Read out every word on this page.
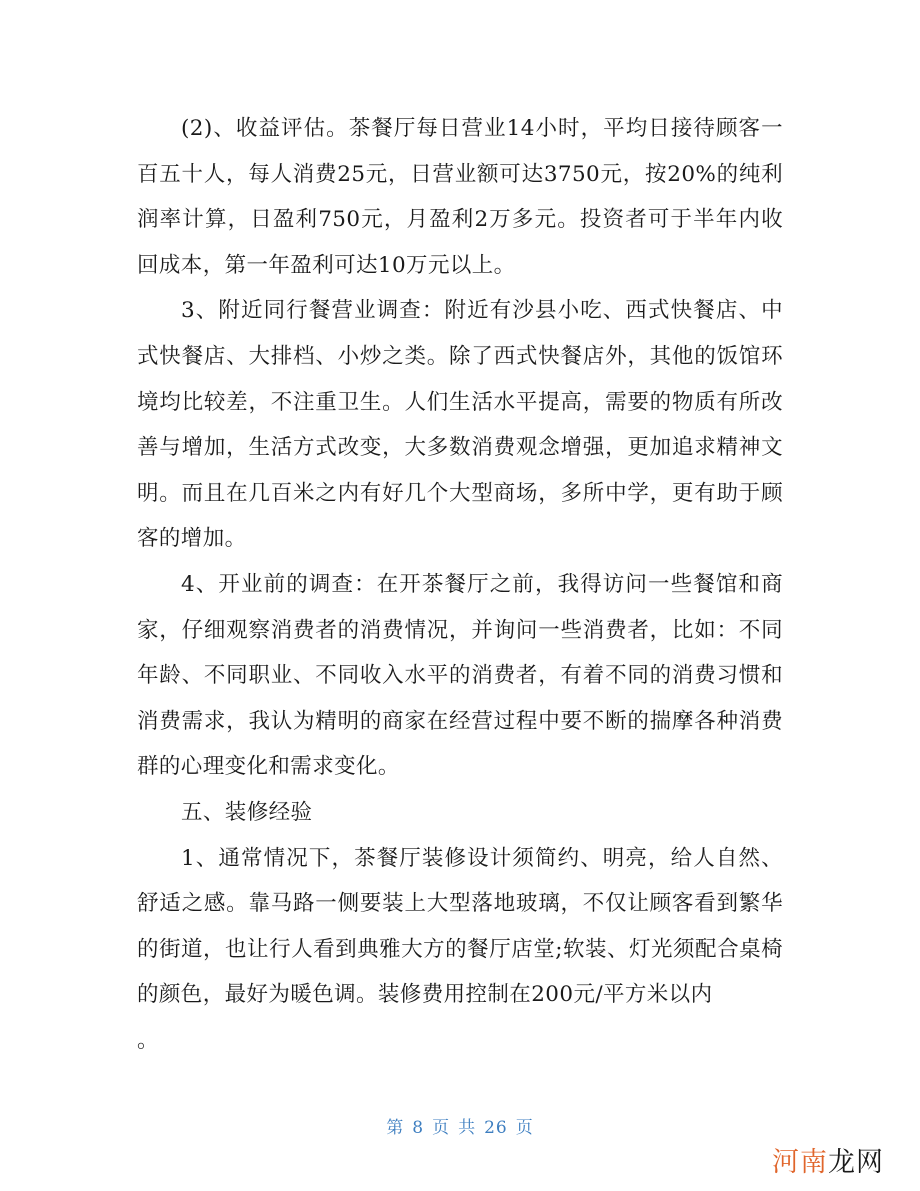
(2)、收益评估。茶餐厅每日营业14小时，平均日接待顾客一百五十人，每人消费25元，日营业额可达3750元，按20%的纯利润率计算，日盈利750元，月盈利2万多元。投资者可于半年内收回成本，第一年盈利可达10万元以上。

3、附近同行餐营业调查：附近有沙县小吃、西式快餐店、中式快餐店、大排档、小炒之类。除了西式快餐店外，其他的饭馆环境均比较差，不注重卫生。人们生活水平提高，需要的物质有所改善与增加，生活方式改变，大多数消费观念增强，更加追求精神文明。而且在几百米之内有好几个大型商场，多所中学，更有助于顾客的增加。

4、开业前的调查：在开茶餐厅之前，我得访问一些餐馆和商家，仔细观察消费者的消费情况，并询问一些消费者，比如：不同年龄、不同职业、不同收入水平的消费者，有着不同的消费习惯和消费需求，我认为精明的商家在经营过程中要不断的揣摩各种消费群的心理变化和需求变化。

五、装修经验

1、通常情况下，茶餐厅装修设计须简约、明亮，给人自然、舒适之感。靠马路一侧要装上大型落地玻璃，不仅让顾客看到繁华的街道，也让行人看到典雅大方的餐厅店堂;软装、灯光须配合桌椅的颜色，最好为暖色调。装修费用控制在200元/平方米以内

。

第 8 页 共 26 页
河南龙网
